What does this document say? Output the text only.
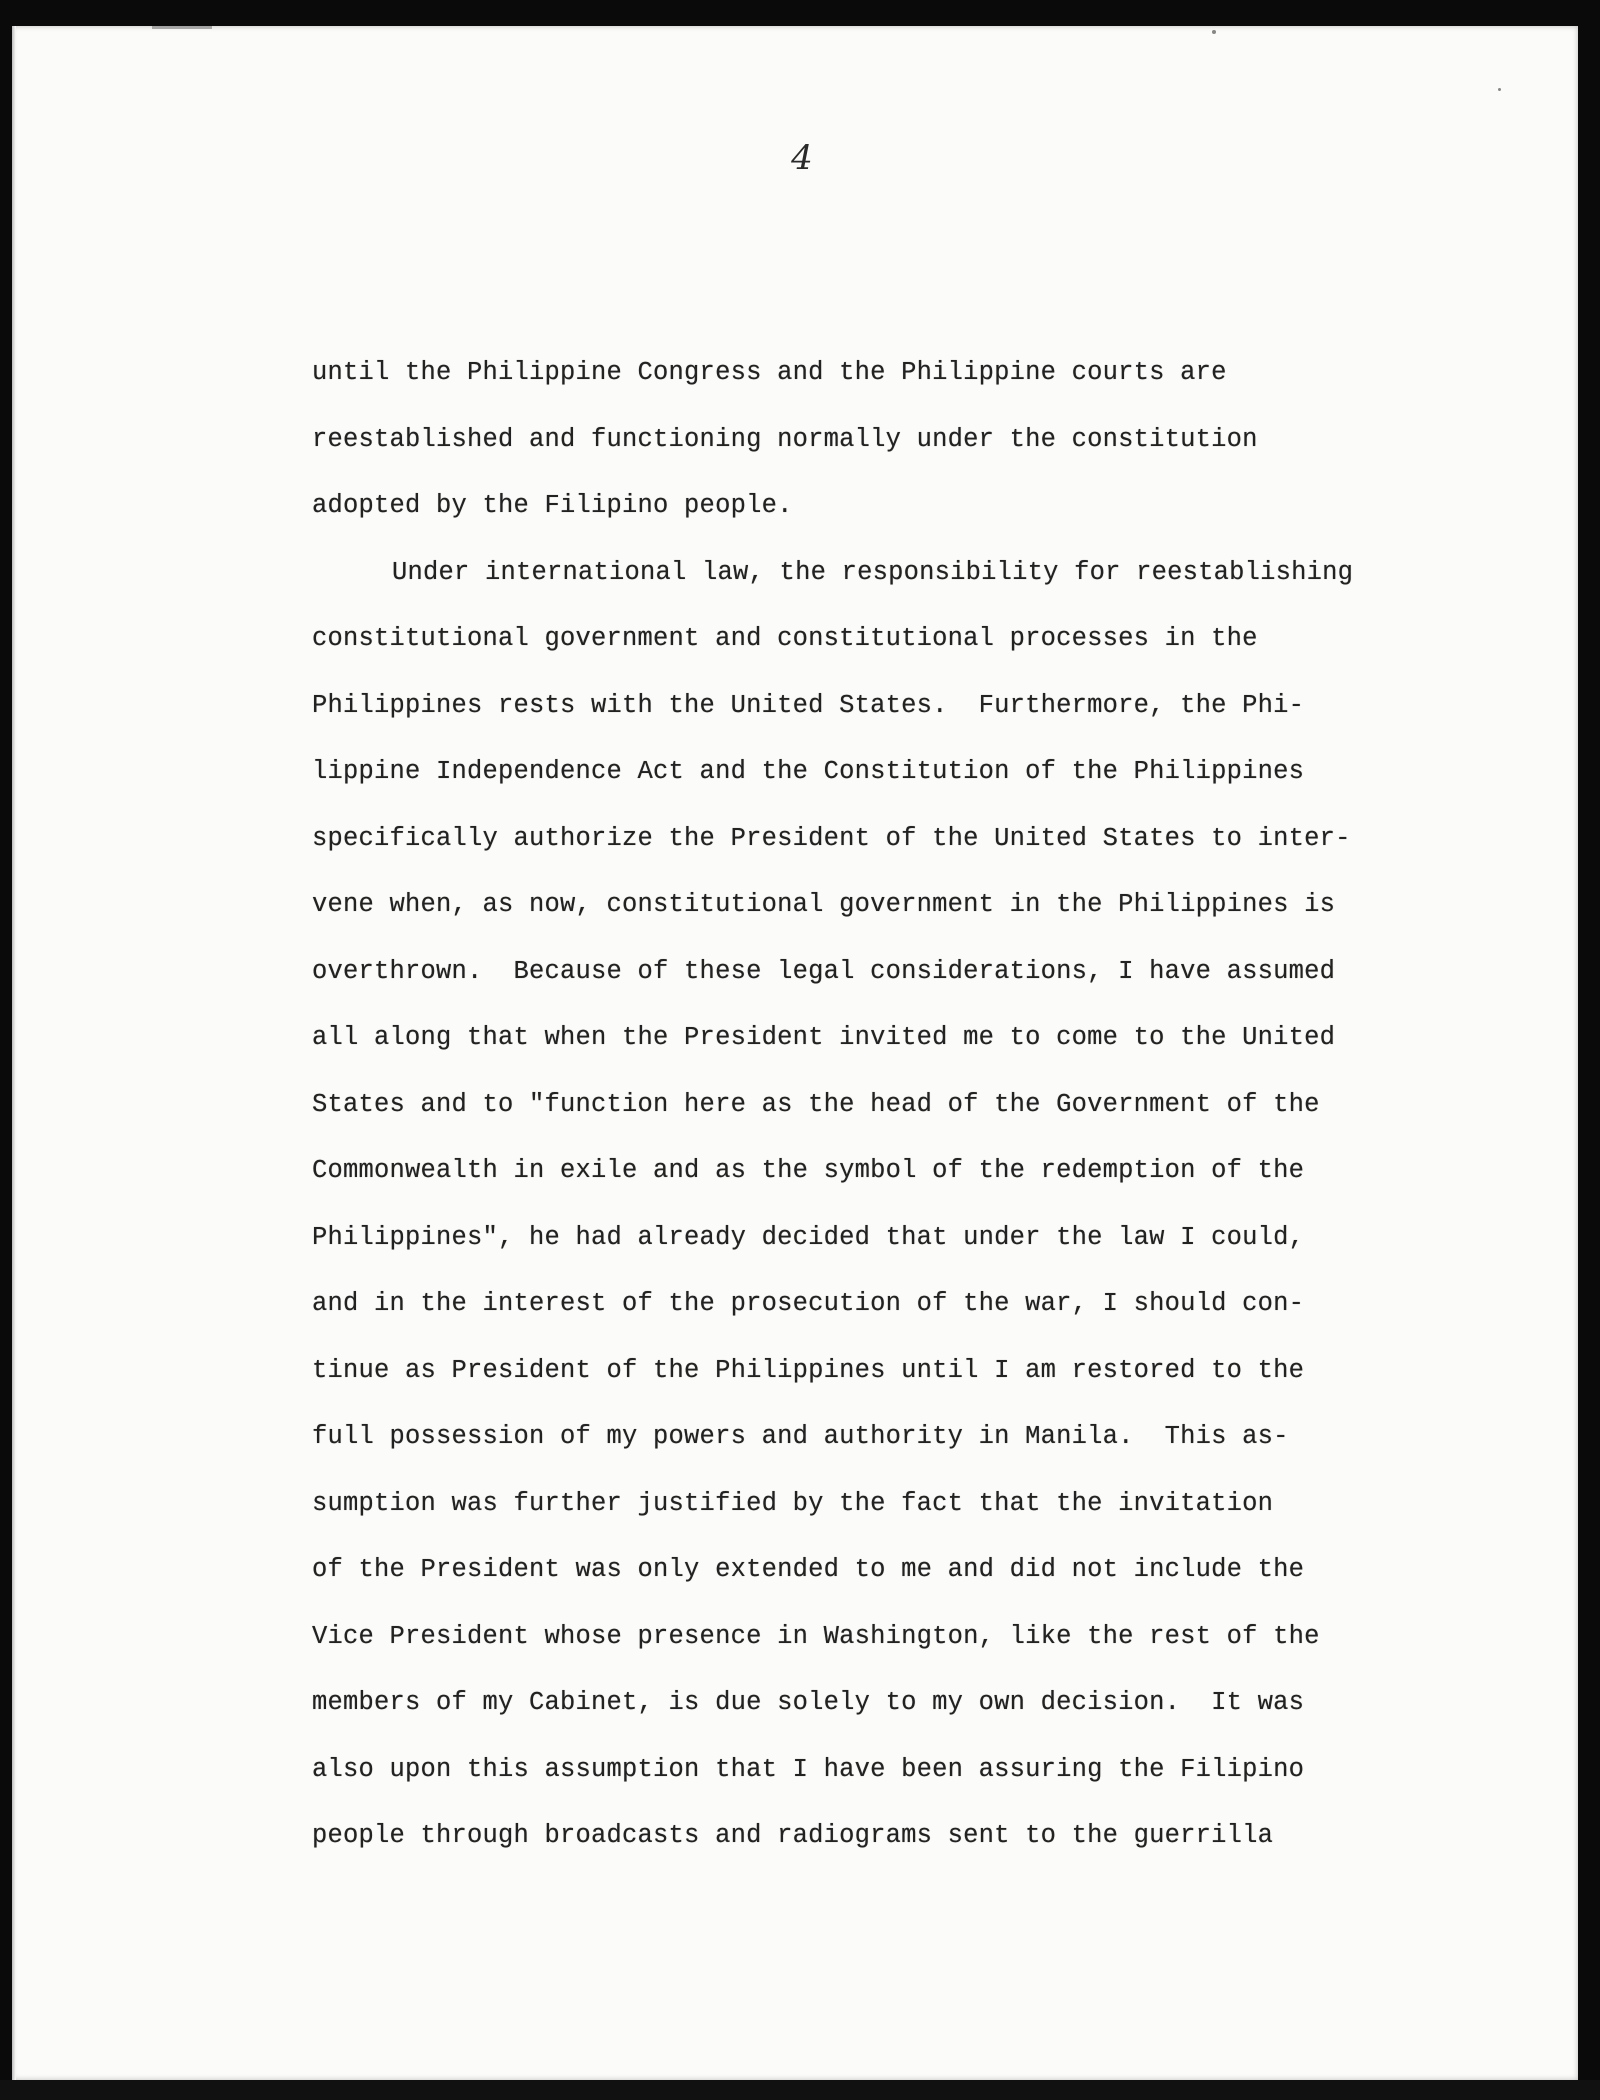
4
until the Philippine Congress and the Philippine courts are
reestablished and functioning normally under the constitution
adopted by the Filipino people.
Under international law, the responsibility for reestablishing
constitutional government and constitutional processes in the
Philippines rests with the United States.  Furthermore, the Phi-
lippine Independence Act and the Constitution of the Philippines
specifically authorize the President of the United States to inter-
vene when, as now, constitutional government in the Philippines is
overthrown.  Because of these legal considerations, I have assumed
all along that when the President invited me to come to the United
States and to "function here as the head of the Government of the
Commonwealth in exile and as the symbol of the redemption of the
Philippines", he had already decided that under the law I could,
and in the interest of the prosecution of the war, I should con-
tinue as President of the Philippines until I am restored to the
full possession of my powers and authority in Manila.  This as-
sumption was further justified by the fact that the invitation
of the President was only extended to me and did not include the
Vice President whose presence in Washington, like the rest of the
members of my Cabinet, is due solely to my own decision.  It was
also upon this assumption that I have been assuring the Filipino
people through broadcasts and radiograms sent to the guerrilla
